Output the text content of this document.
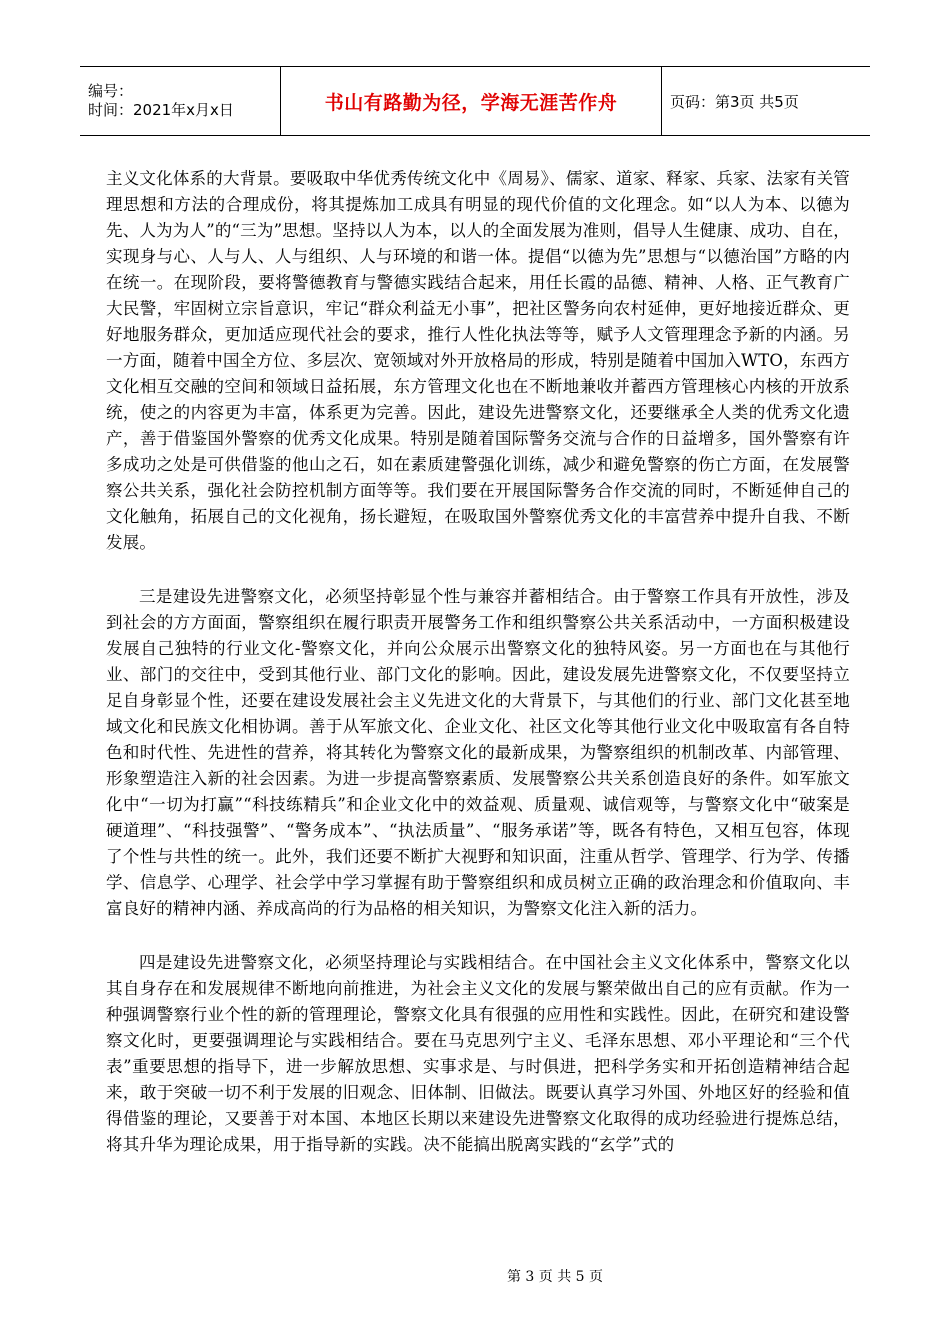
编号：
时间：2021年x月x日	书山有路勤为径，学海无涯苦作舟	页码：第3页 共5页

主义文化体系的大背景。要吸取中华优秀传统文化中《周易》、儒家、道家、释家、兵家、法家有关管理思想和方法的合理成份，将其提炼加工成具有明显的现代价值的文化理念。如“以人为本、以德为先、人为为人”的“三为”思想。坚持以人为本，以人的全面发展为准则，倡导人生健康、成功、自在，实现身与心、人与人、人与组织、人与环境的和谐一体。提倡“以德为先”思想与“以德治国”方略的内在统一。在现阶段，要将警德教育与警德实践结合起来，用任长霞的品德、精神、人格、正气教育广大民警，牢固树立宗旨意识，牢记“群众利益无小事”，把社区警务向农村延伸，更好地接近群众、更好地服务群众，更加适应现代社会的要求，推行人性化执法等等，赋予人文管理理念予新的内涵。另一方面，随着中国全方位、多层次、宽领域对外开放格局的形成，特别是随着中国加入WTO，东西方文化相互交融的空间和领域日益拓展，东方管理文化也在不断地兼收并蓄西方管理核心内核的开放系统，使之的内容更为丰富，体系更为完善。因此，建设先进警察文化，还要继承全人类的优秀文化遗产，善于借鉴国外警察的优秀文化成果。特别是随着国际警务交流与合作的日益增多，国外警察有许多成功之处是可供借鉴的他山之石，如在素质建警强化训练，减少和避免警察的伤亡方面，在发展警察公共关系，强化社会防控机制方面等等。我们要在开展国际警务合作交流的同时，不断延伸自己的文化触角，拓展自己的文化视角，扬长避短，在吸取国外警察优秀文化的丰富营养中提升自我、不断发展。

三是建设先进警察文化，必须坚持彰显个性与兼容并蓄相结合。由于警察工作具有开放性，涉及到社会的方方面面，警察组织在履行职责开展警务工作和组织警察公共关系活动中，一方面积极建设发展自己独特的行业文化-警察文化，并向公众展示出警察文化的独特风姿。另一方面也在与其他行业、部门的交往中，受到其他行业、部门文化的影响。因此，建设发展先进警察文化，不仅要坚持立足自身彰显个性，还要在建设发展社会主义先进文化的大背景下，与其他们的行业、部门文化甚至地域文化和民族文化相协调。善于从军旅文化、企业文化、社区文化等其他行业文化中吸取富有各自特色和时代性、先进性的营养，将其转化为警察文化的最新成果，为警察组织的机制改革、内部管理、形象塑造注入新的社会因素。为进一步提高警察素质、发展警察公共关系创造良好的条件。如军旅文化中“一切为打赢”“科技练精兵”和企业文化中的效益观、质量观、诚信观等，与警察文化中“破案是硬道理”、“科技强警”、“警务成本”、“执法质量”、“服务承诺”等，既各有特色，又相互包容，体现了个性与共性的统一。此外，我们还要不断扩大视野和知识面，注重从哲学、管理学、行为学、传播学、信息学、心理学、社会学中学习掌握有助于警察组织和成员树立正确的政治理念和价值取向、丰富良好的精神内涵、养成高尚的行为品格的相关知识，为警察文化注入新的活力。

四是建设先进警察文化，必须坚持理论与实践相结合。在中国社会主义文化体系中，警察文化以其自身存在和发展规律不断地向前推进，为社会主义文化的发展与繁荣做出自己的应有贡献。作为一种强调警察行业个性的新的管理理论，警察文化具有很强的应用性和实践性。因此，在研究和建设警察文化时，更要强调理论与实践相结合。要在马克思列宁主义、毛泽东思想、邓小平理论和“三个代表”重要思想的指导下，进一步解放思想、实事求是、与时俱进，把科学务实和开拓创造精神结合起来，敢于突破一切不利于发展的旧观念、旧体制、旧做法。既要认真学习外国、外地区好的经验和值得借鉴的理论，又要善于对本国、本地区长期以来建设先进警察文化取得的成功经验进行提炼总结，将其升华为理论成果，用于指导新的实践。决不能搞出脱离实践的“玄学”式的

第 3 页 共 5 页
